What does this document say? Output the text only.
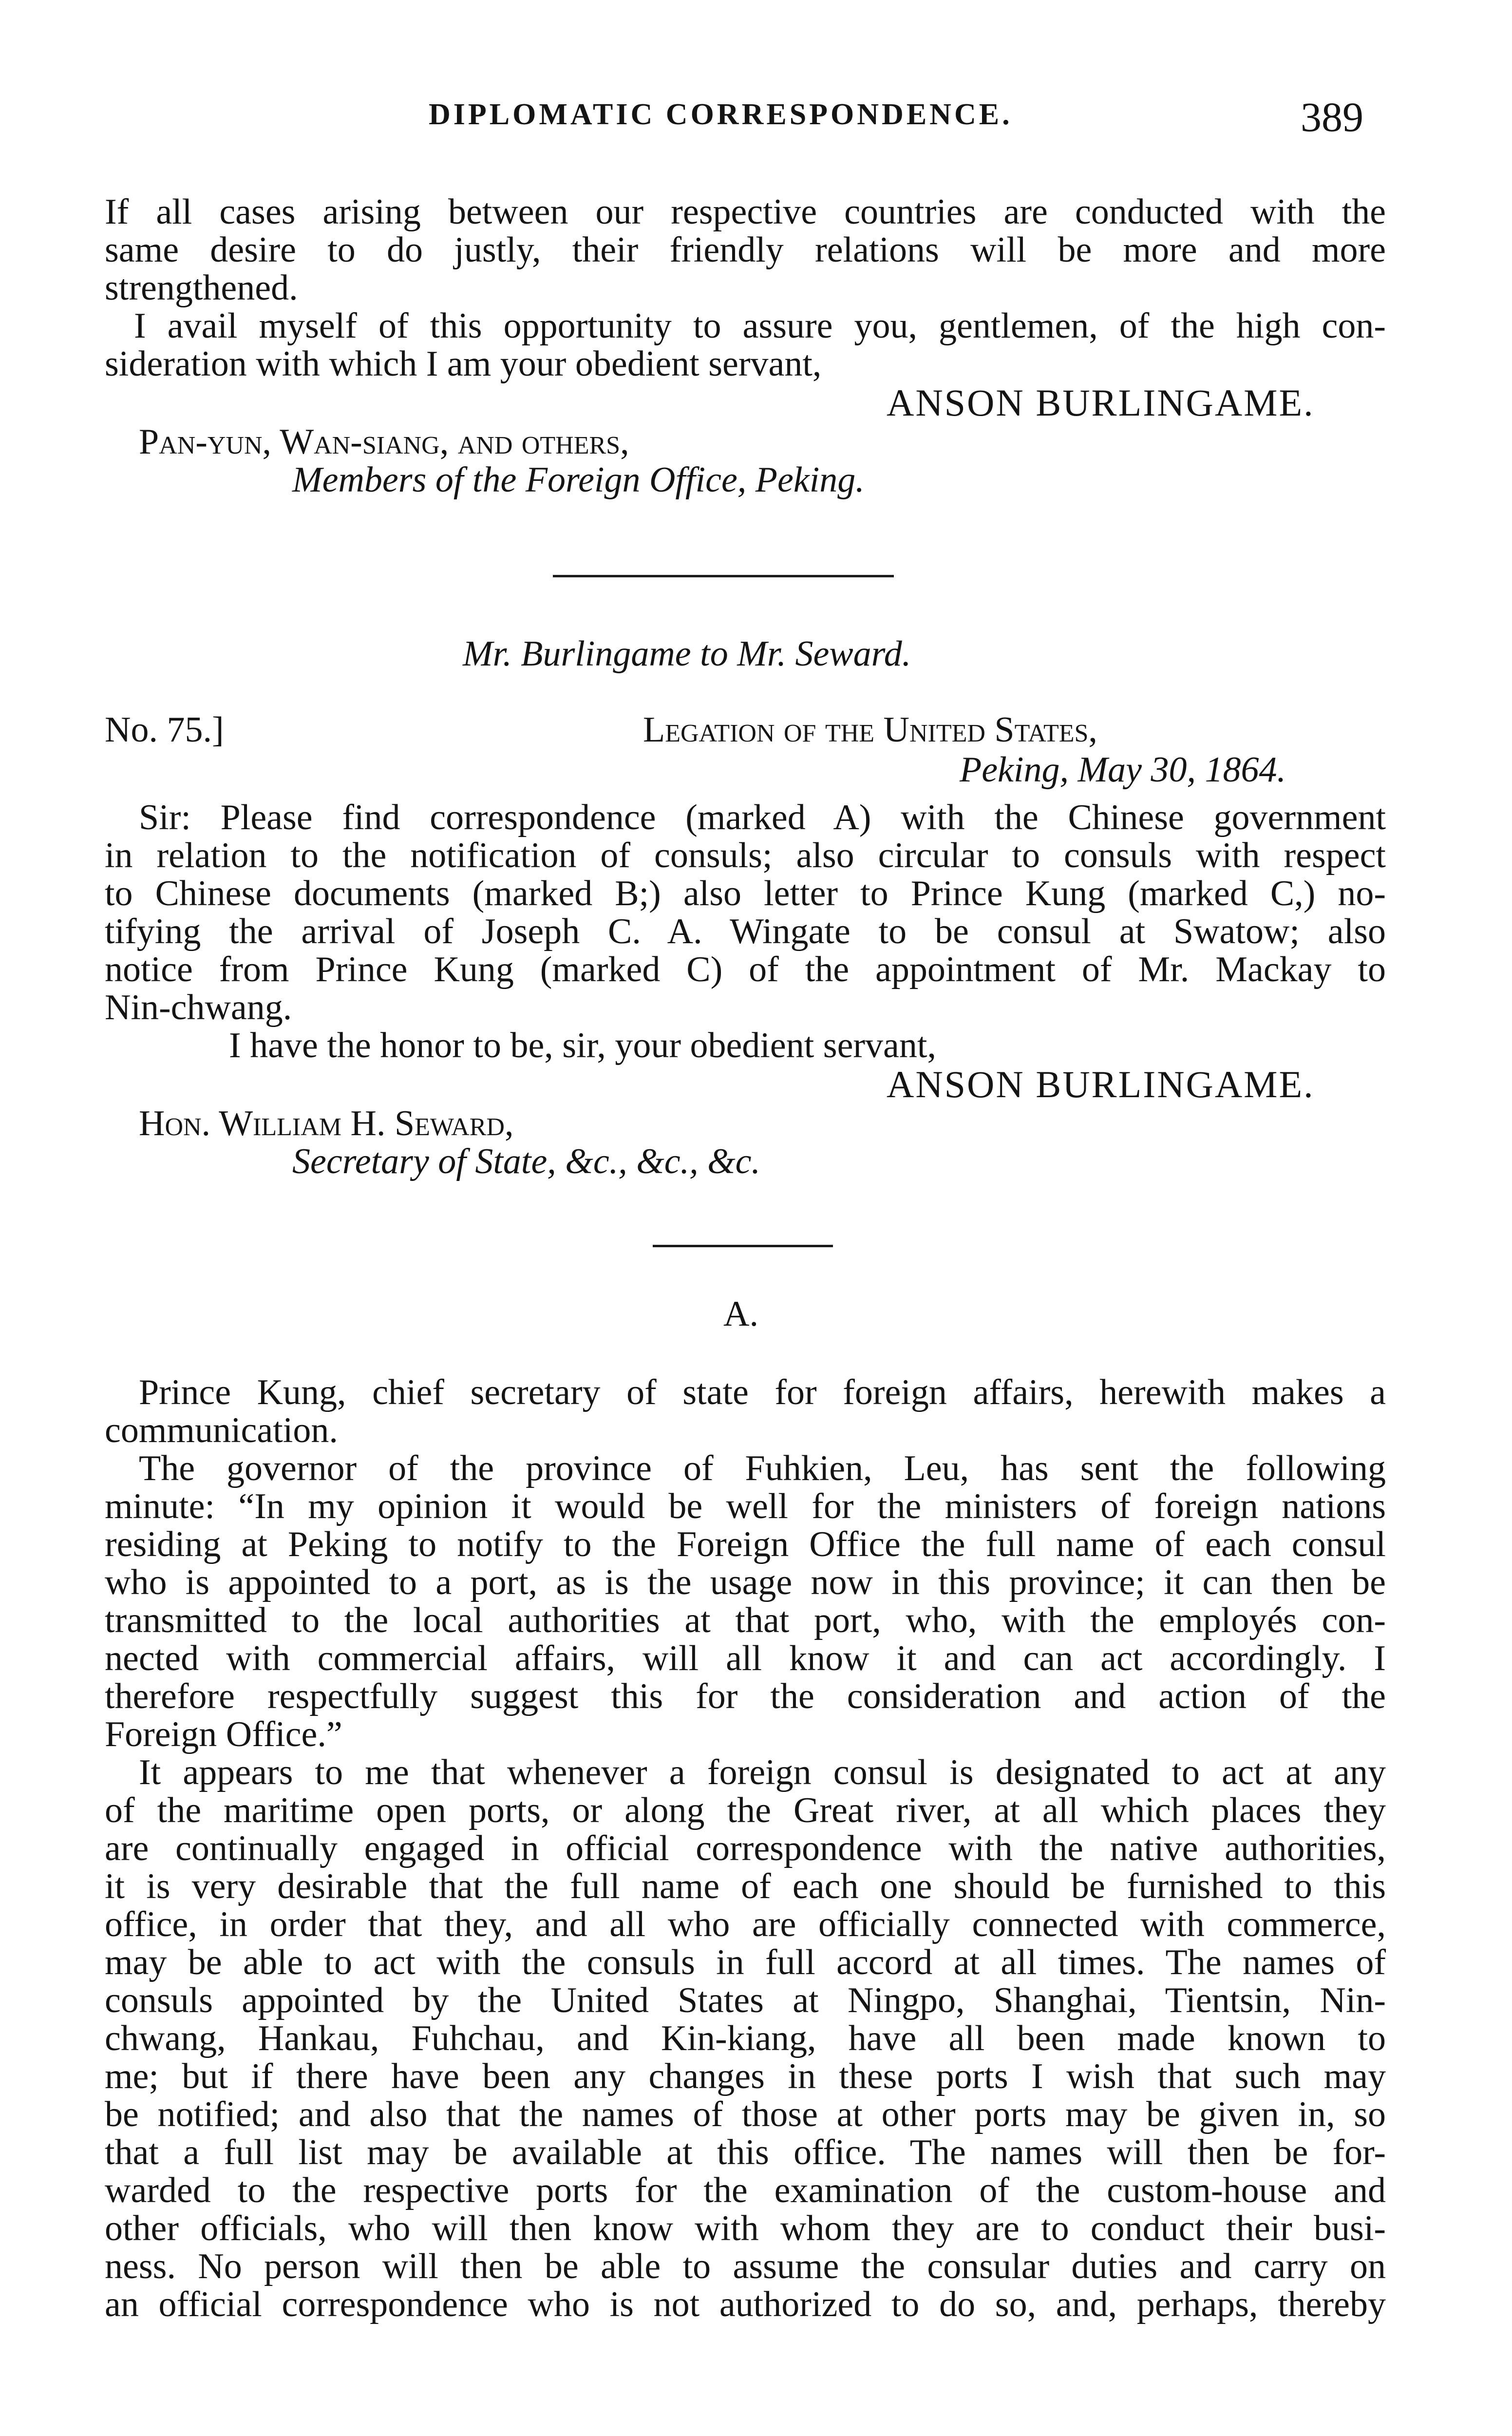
DIPLOMATIC CORRESPONDENCE.	389
If all cases arising between our respective countries are conducted with the
same desire to do justly, their friendly relations will be more and more
strengthened.
I avail myself of this opportunity to assure you, gentlemen, of the high con-
sideration with which I am your obedient servant,
ANSON BURLINGAME.
Pan-yun, Wan-siang, and others,
Members of the Foreign Office, Peking.
Mr. Burlingame to Mr. Seward.
No. 75.]	Legation of the United States,
Peking, May 30, 1864.
Sir: Please find correspondence (marked A) with the Chinese government
in relation to the notification of consuls; also circular to consuls with respect
to Chinese documents (marked B;) also letter to Prince Kung (marked C,) no-
tifying the arrival of Joseph C. A. Wingate to be consul at Swatow; also
notice from Prince Kung (marked C) of the appointment of Mr. Mackay to
Nin-chwang.
I have the honor to be, sir, your obedient servant,
ANSON BURLINGAME.
Hon. William H. Seward,
Secretary of State, &c., &c., &c.
A.
Prince Kung, chief secretary of state for foreign affairs, herewith makes a
communication.
The governor of the province of Fuhkien, Leu, has sent the following
minute: “In my opinion it would be well for the ministers of foreign nations
residing at Peking to notify to the Foreign Office the full name of each consul
who is appointed to a port, as is the usage now in this province; it can then be
transmitted to the local authorities at that port, who, with the employés con-
nected with commercial affairs, will all know it and can act accordingly. I
therefore respectfully suggest this for the consideration and action of the
Foreign Office.”
It appears to me that whenever a foreign consul is designated to act at any
of the maritime open ports, or along the Great river, at all which places they
are continually engaged in official correspondence with the native authorities,
it is very desirable that the full name of each one should be furnished to this
office, in order that they, and all who are officially connected with commerce,
may be able to act with the consuls in full accord at all times. The names of
consuls appointed by the United States at Ningpo, Shanghai, Tientsin, Nin-
chwang, Hankau, Fuhchau, and Kin-kiang, have all been made known to
me; but if there have been any changes in these ports I wish that such may
be notified; and also that the names of those at other ports may be given in, so
that a full list may be available at this office. The names will then be for-
warded to the respective ports for the examination of the custom-house and
other officials, who will then know with whom they are to conduct their busi-
ness. No person will then be able to assume the consular duties and carry on
an official correspondence who is not authorized to do so, and, perhaps, thereby
